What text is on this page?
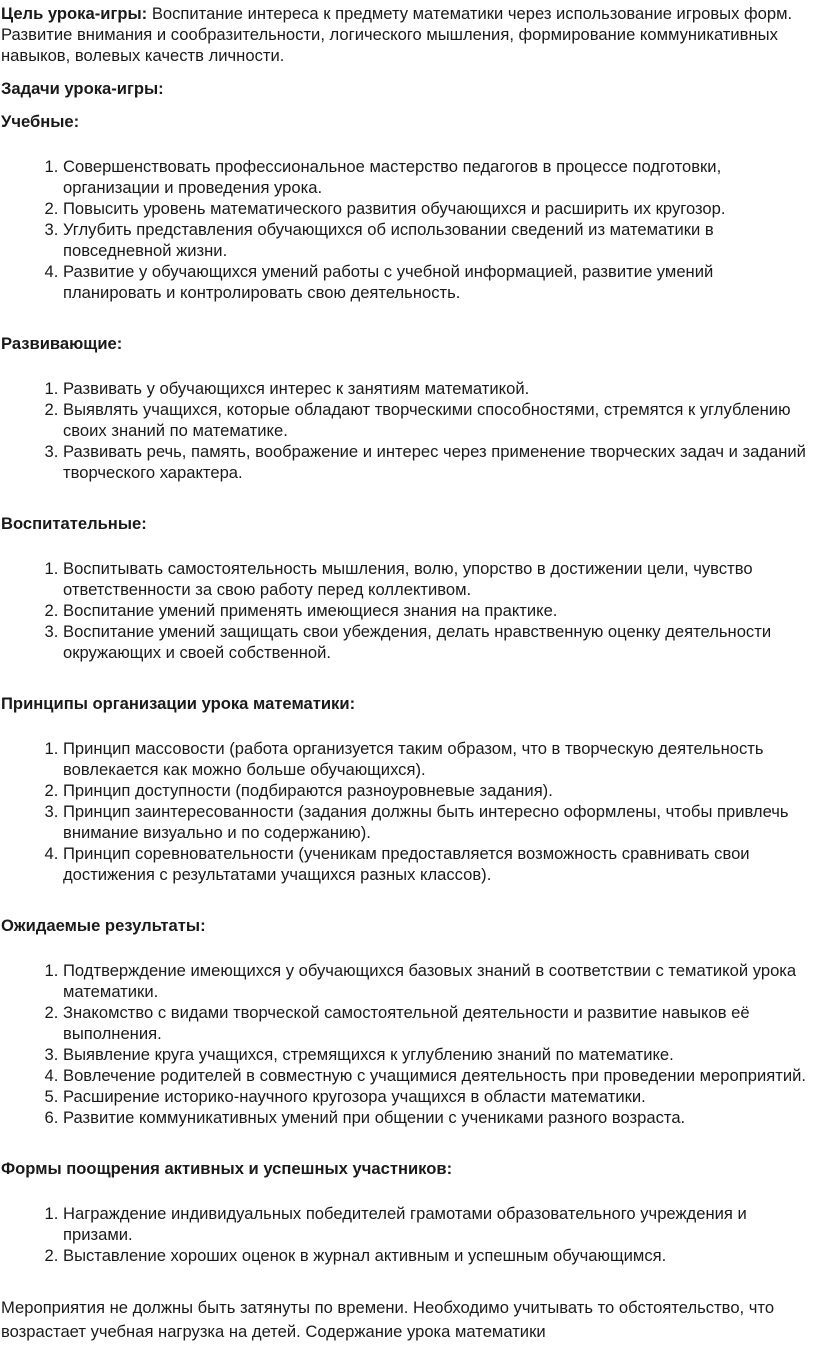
Цель урока-игры: Воспитание интереса к предмету математики через использование игровых форм. Развитие внимания и сообразительности, логического мышления, формирование коммуникативных навыков, волевых качеств личности.

Задачи урока-игры:
Учебные:
1. Совершенствовать профессиональное мастерство педагогов в процессе подготовки, организации и проведения урока.
2. Повысить уровень математического развития обучающихся и расширить их кругозор.
3. Углубить представления обучающихся об использовании сведений из математики в повседневной жизни.
4. Развитие у обучающихся умений работы с учебной информацией, развитие умений планировать и контролировать свою деятельность.
Развивающие:
1. Развивать у обучающихся интерес к занятиям математикой.
2. Выявлять учащихся, которые обладают творческими способностями, стремятся к углублению своих знаний по математике.
3. Развивать речь, память, воображение и интерес через применение творческих задач и заданий творческого характера.
Воспитательные:
1. Воспитывать самостоятельность мышления, волю, упорство в достижении цели, чувство ответственности за свою работу перед коллективом.
2. Воспитание умений применять имеющиеся знания на практике.
3. Воспитание умений защищать свои убеждения, делать нравственную оценку деятельности окружающих и своей собственной.
Принципы организации урока математики:
1. Принцип массовости (работа организуется таким образом, что в творческую деятельность вовлекается как можно больше обучающихся).
2. Принцип доступности (подбираются разноуровневые задания).
3. Принцип заинтересованности (задания должны быть интересно оформлены, чтобы привлечь внимание визуально и по содержанию).
4. Принцип соревновательности (ученикам предоставляется возможность сравнивать свои достижения с результатами учащихся разных классов).
Ожидаемые результаты:
1. Подтверждение имеющихся у обучающихся базовых знаний в соответствии с тематикой урока математики.
2. Знакомство с видами творческой самостоятельной деятельности и развитие навыков её выполнения.
3. Выявление круга учащихся, стремящихся к углублению знаний по математике.
4. Вовлечение родителей в совместную с учащимися деятельность при проведении мероприятий.
5. Расширение историко-научного кругозора учащихся в области математики.
6. Развитие коммуникативных умений при общении с учениками разного возраста.
Формы поощрения активных и успешных участников:
1. Награждение индивидуальных победителей грамотами образовательного учреждения и призами.
2. Выставление хороших оценок в журнал активным и успешным обучающимся.

Мероприятия не должны быть затянуты по времени. Необходимо учитывать то обстоятельство, что возрастает учебная нагрузка на детей. Содержание урока математики
